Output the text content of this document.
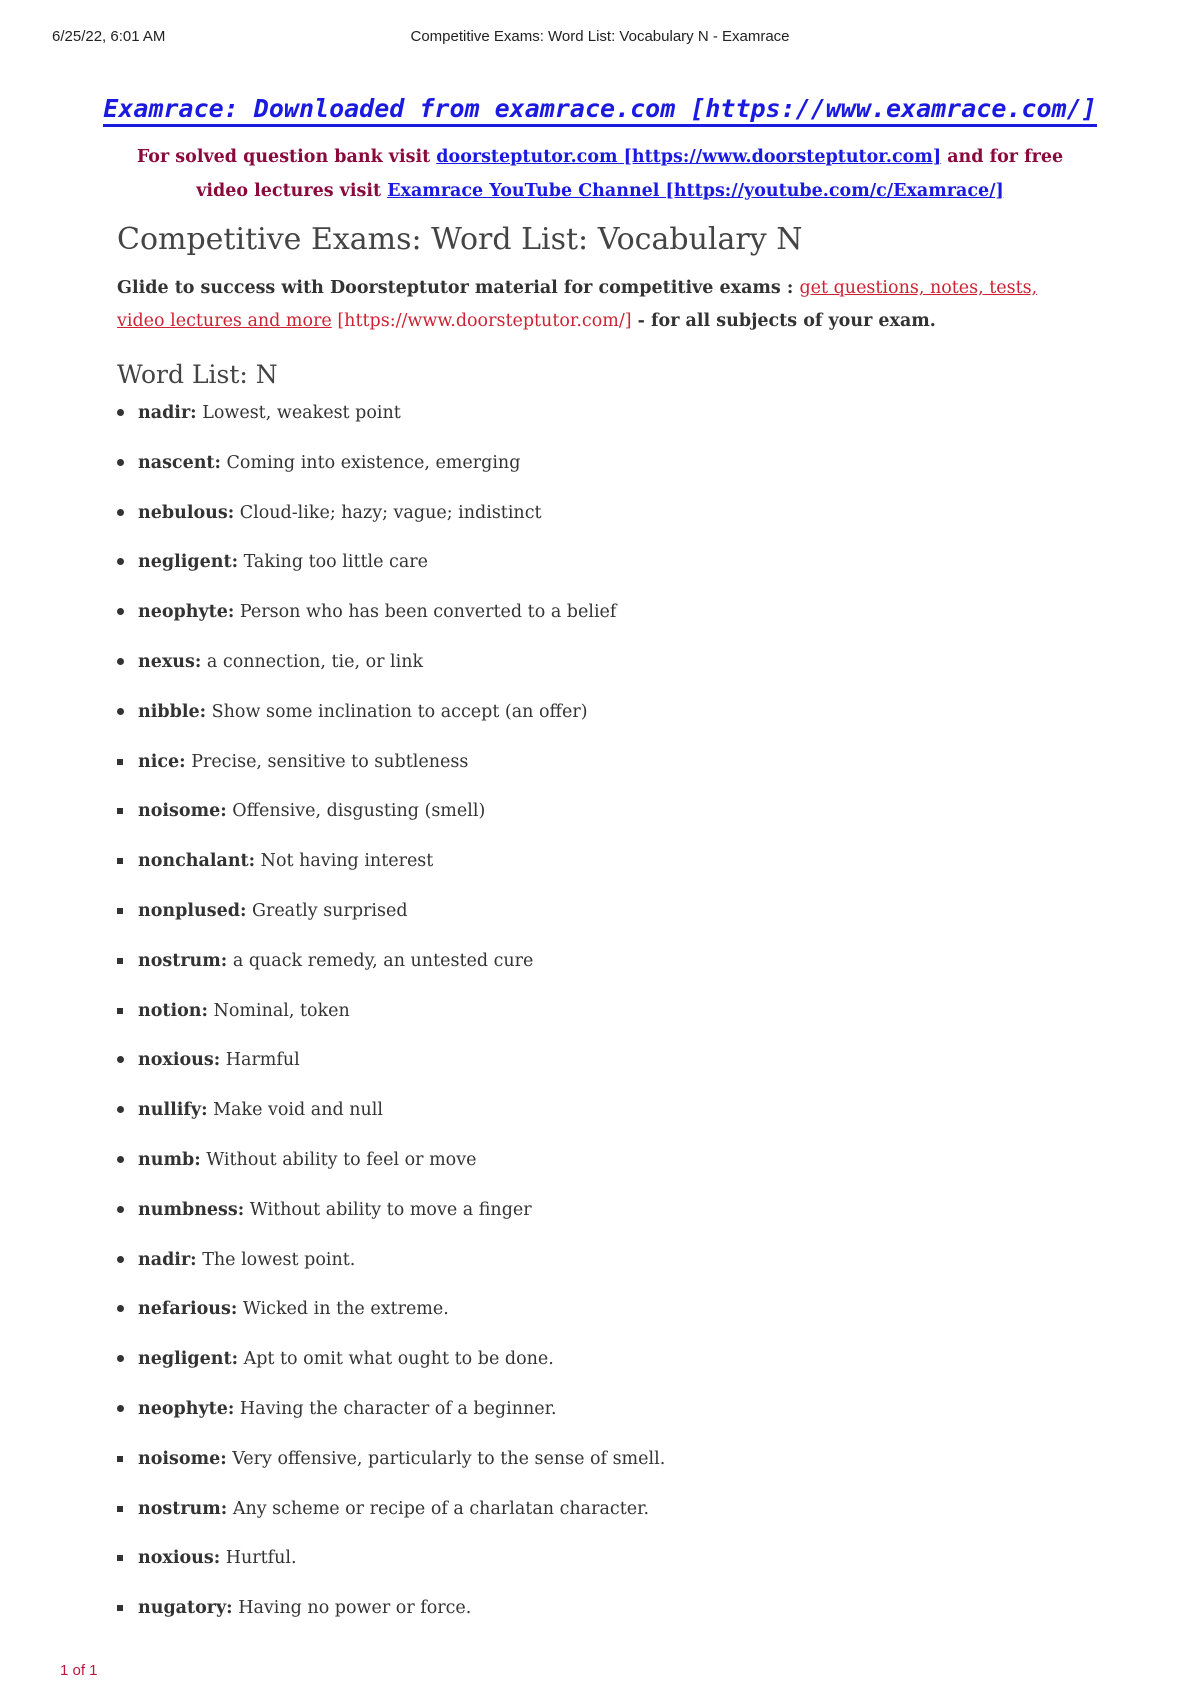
6/25/22, 6:01 AM	Competitive Exams: Word List: Vocabulary N - Examrace
Examrace: Downloaded from examrace.com [https://www.examrace.com/]
For solved question bank visit doorsteptutor.com [https://www.doorsteptutor.com] and for free video lectures visit Examrace YouTube Channel [https://youtube.com/c/Examrace/]
Competitive Exams: Word List: Vocabulary N
Glide to success with Doorsteptutor material for competitive exams : get questions, notes, tests, video lectures and more [https://www.doorsteptutor.com/] - for all subjects of your exam.
Word List: N
nadir: Lowest, weakest point
nascent: Coming into existence, emerging
nebulous: Cloud-like; hazy; vague; indistinct
negligent: Taking too little care
neophyte: Person who has been converted to a belief
nexus: a connection, tie, or link
nibble: Show some inclination to accept (an offer)
nice: Precise, sensitive to subtleness
noisome: Offensive, disgusting (smell)
nonchalant: Not having interest
nonplused: Greatly surprised
nostrum: a quack remedy, an untested cure
notion: Nominal, token
noxious: Harmful
nullify: Make void and null
numb: Without ability to feel or move
numbness: Without ability to move a finger
nadir: The lowest point.
nefarious: Wicked in the extreme.
negligent: Apt to omit what ought to be done.
neophyte: Having the character of a beginner.
noisome: Very offensive, particularly to the sense of smell.
nostrum: Any scheme or recipe of a charlatan character.
noxious: Hurtful.
nugatory: Having no power or force.
1 of 1
